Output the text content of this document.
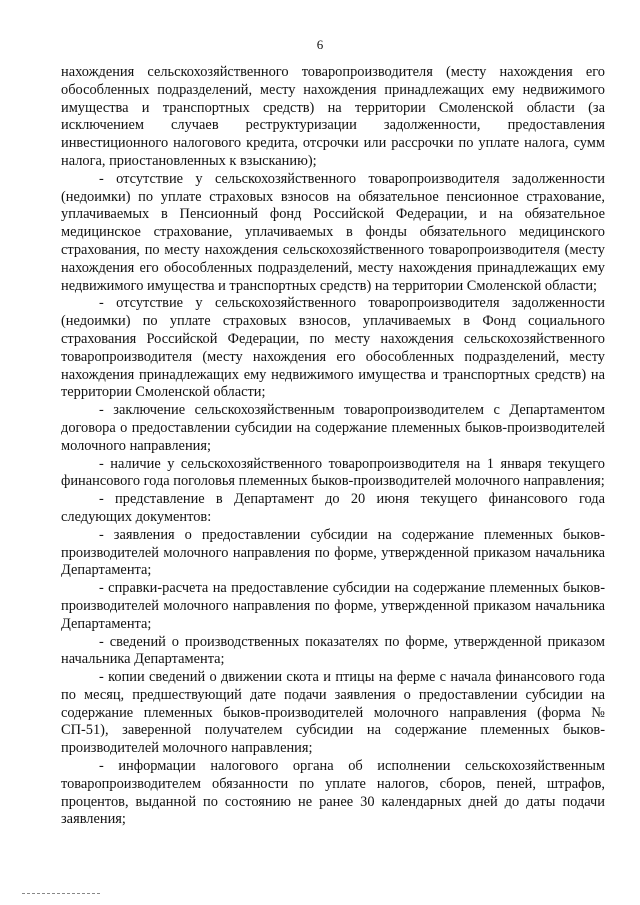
6

нахождения сельскохозяйственного товаропроизводителя (месту нахождения его обособленных подразделений, месту нахождения принадлежащих ему недвижимого имущества и транспортных средств) на территории Смоленской области (за исключением случаев реструктуризации задолженности, предоставления инвестиционного налогового кредита, отсрочки или рассрочки по уплате налога, сумм налога, приостановленных к взысканию);

- отсутствие у сельскохозяйственного товаропроизводителя задолженности (недоимки) по уплате страховых взносов на обязательное пенсионное страхование, уплачиваемых в Пенсионный фонд Российской Федерации, и на обязательное медицинское страхование, уплачиваемых в фонды обязательного медицинского страхования, по месту нахождения сельскохозяйственного товаропроизводителя (месту нахождения его обособленных подразделений, месту нахождения принадлежащих ему недвижимого имущества и транспортных средств) на территории Смоленской области;

- отсутствие у сельскохозяйственного товаропроизводителя задолженности (недоимки) по уплате страховых взносов, уплачиваемых в Фонд социального страхования Российской Федерации, по месту нахождения сельскохозяйственного товаропроизводителя (месту нахождения его обособленных подразделений, месту нахождения принадлежащих ему недвижимого имущества и транспортных средств) на территории Смоленской области;

- заключение сельскохозяйственным товаропроизводителем с Департаментом договора о предоставлении субсидии на содержание племенных быков-производителей молочного направления;

- наличие у сельскохозяйственного товаропроизводителя на 1 января текущего финансового года поголовья племенных быков-производителей молочного направления;

- представление в Департамент до 20 июня текущего финансового года следующих документов:

- заявления о предоставлении субсидии на содержание племенных быков-производителей молочного направления по форме, утвержденной приказом начальника Департамента;

- справки-расчета на предоставление субсидии на содержание племенных быков-производителей молочного направления по форме, утвержденной приказом начальника Департамента;

- сведений о производственных показателях по форме, утвержденной приказом начальника Департамента;

- копии сведений о движении скота и птицы на ферме с начала финансового года по месяц, предшествующий дате подачи заявления о предоставлении субсидии на содержание племенных быков-производителей молочного направления (форма № СП-51), заверенной получателем субсидии на содержание племенных быков-производителей молочного направления;

- информации налогового органа об исполнении сельскохозяйственным товаропроизводителем обязанности по уплате налогов, сборов, пеней, штрафов, процентов, выданной по состоянию не ранее 30 календарных дней до даты подачи заявления;
